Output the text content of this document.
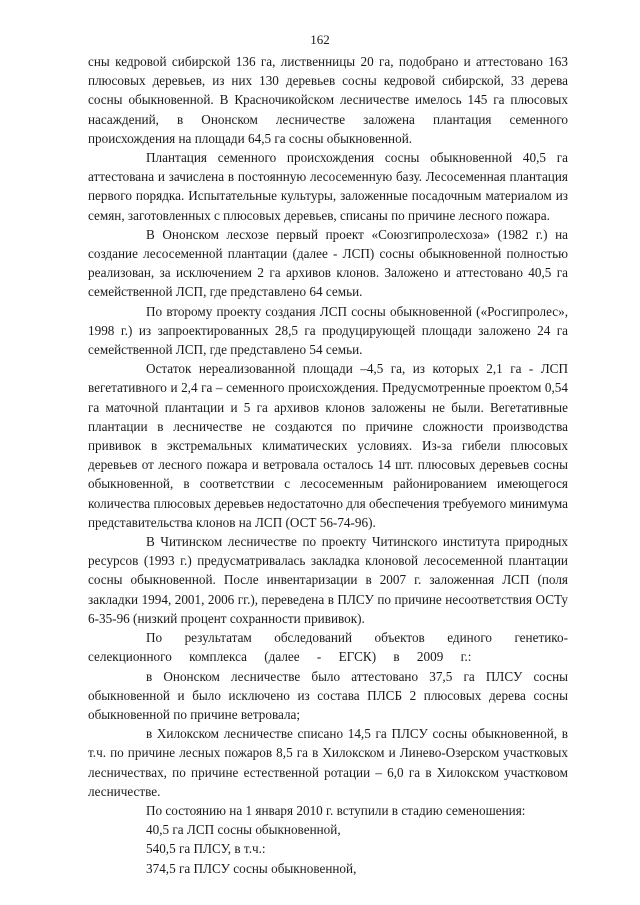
162

сны кедровой сибирской 136 га, лиственницы 20 га, подобрано и аттестовано 163 плюсовых деревьев, из них 130 деревьев сосны кедровой сибирской, 33 дерева сосны обыкновенной. В Красночикойском лесничестве имелось 145 га плюсовых насаждений, в Ононском лесничестве заложена плантация семенного происхождения на площади 64,5 га сосны обыкновенной.

Плантация семенного происхождения сосны обыкновенной 40,5 га аттестована и зачислена в постоянную лесосеменную базу. Лесосеменная плантация первого порядка. Испытательные культуры, заложенные посадочным материалом из семян, заготовленных с плюсовых деревьев, списаны по причине лесного пожара.

В Ононском лесхозе первый проект «Союзгипролесхоза» (1982 г.) на создание лесосеменной плантации (далее - ЛСП) сосны обыкновенной полностью реализован, за исключением 2 га архивов клонов. Заложено и аттестовано 40,5 га семейственной ЛСП, где представлено 64 семьи.

По второму проекту создания ЛСП сосны обыкновенной («Росгипролес», 1998 г.) из запроектированных 28,5 га продуцирующей площади заложено 24 га семейственной ЛСП, где представлено 54 семьи.

Остаток нереализованной площади –4,5 га, из которых 2,1 га - ЛСП вегетативного и 2,4 га – семенного происхождения. Предусмотренные проектом 0,54 га маточной плантации и 5 га архивов клонов заложены не были. Вегетативные плантации в лесничестве не создаются по причине сложности производства прививок в экстремальных климатических условиях. Из-за гибели плюсовых деревьев от лесного пожара и ветровала осталось 14 шт. плюсовых деревьев сосны обыкновенной, в соответствии с лесосеменным районированием имеющегося количества плюсовых деревьев недостаточно для обеспечения требуемого минимума представительства клонов на ЛСП (ОСТ 56-74-96).

В Читинском лесничестве по проекту Читинского института природных ресурсов (1993 г.) предусматривалась закладка клоновой лесосеменной плантации сосны обыкновенной. После инвентаризации в 2007 г. заложенная ЛСП (поля закладки 1994, 2001, 2006 гг.), переведена в ПЛСУ по причине несоответствия ОСТу 6-35-96 (низкий процент сохранности прививок).

По результатам обследований объектов единого генетико-селекционного комплекса (далее - ЕГСК) в 2009 г.:

в Ононском лесничестве было аттестовано 37,5 га ПЛСУ сосны обыкновенной и было исключено из состава ПЛСБ 2 плюсовых дерева сосны обыкновенной по причине ветровала;

в Хилокском лесничестве списано 14,5 га ПЛСУ сосны обыкновенной, в т.ч. по причине лесных пожаров 8,5 га в Хилокском и Линево-Озерском участковых лесничествах, по причине естественной ротации – 6,0 га в Хилокском участковом лесничестве.

По состоянию на 1 января 2010 г. вступили в стадию семеношения:

40,5 га ЛСП сосны обыкновенной,

540,5 га ПЛСУ, в т.ч.:

374,5 га ПЛСУ сосны обыкновенной,
